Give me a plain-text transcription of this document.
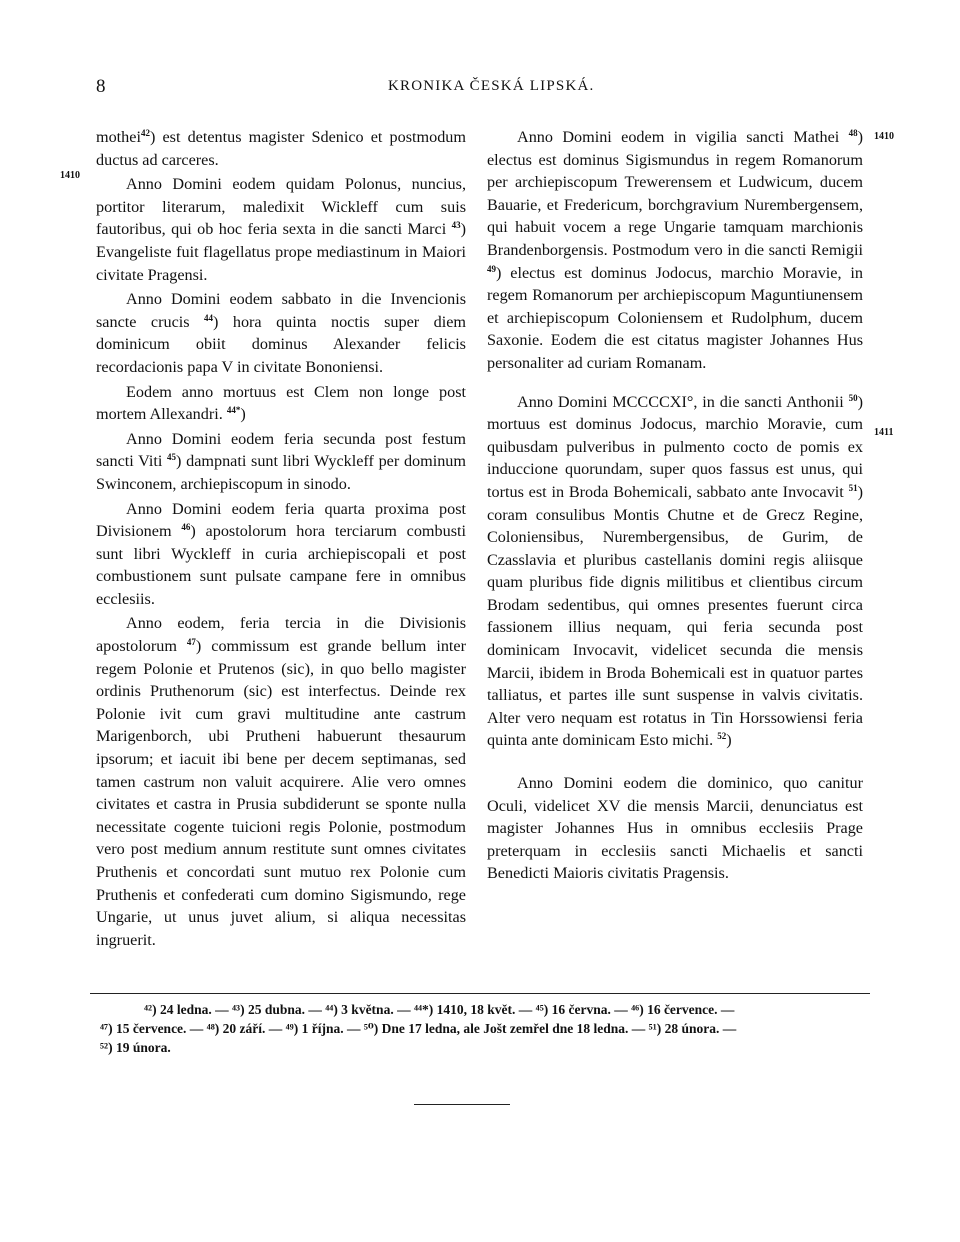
8	KRONIKA ČESKÁ LIPSKÁ.
1410
1410
1411

mothei$^{42}$) est detentus magister Sdenico et postmodum ductus ad carceres.

Anno Domini eodem quidam Polonus, nuncius, portitor literarum, maledixit Wickleff cum suis fautoribus, qui ob hoc feria sexta in die sancti Marci $^{43}$) Evangeliste fuit flagellatus prope mediastinum in Maiori civitate Pragensi.

Anno Domini eodem sabbato in die Invencionis sancte crucis $^{44}$) hora quinta noctis super diem dominicum obiit dominus Alexander felicis recordacionis papa V in civitate Bononiensi.

Eodem anno mortuus est Clem non longe post mortem Allexandri. $^{44*}$)

Anno Domini eodem feria secunda post festum sancti Viti $^{45}$) dampnati sunt libri Wyckleff per dominum Swinconem, archiepiscopum in sinodo.

Anno Domini eodem feria quarta proxima post Divisionem $^{46}$) apostolorum hora terciarum combusti sunt libri Wyckleff in curia archiepiscopali et post combustionem sunt pulsate campane fere in omnibus ecclesiis.

Anno eodem, feria tercia in die Divisionis apostolorum $^{47}$) commissum est grande bellum inter regem Polonie et Prutenos (sic), in quo bello magister ordinis Pruthenorum (sic) est interfectus. Deinde rex Polonie ivit cum gravi multitudine ante castrum Marigenborch, ubi Prutheni habuerunt thesaurum ipsorum; et iacuit ibi bene per decem septimanas, sed tamen castrum non valuit acquirere. Alie vero omnes civitates et castra in Prusia subdiderunt se sponte nulla necessitate cogente tuicioni regis Polonie, postmodum vero post medium annum restitute sunt omnes civitates Pruthenis et concordati sunt mutuo rex Polonie cum Pruthenis et confederati cum domino Sigismundo, rege Ungarie, ut unus juvet alium, si aliqua necessitas ingruerit.

Anno Domini eodem in vigilia sancti Mathei $^{48}$) electus est dominus Sigismundus in regem Romanorum per archiepiscopum Trewerensem et Ludwicum, ducem Bauarie, et Fredericum, borchgravium Nurembergensem, qui habuit vocem a rege Ungarie tamquam marchionis Brandenborgensis. Postmodum vero in die sancti Remigii $^{49}$) electus est dominus Jodocus, marchio Moravie, in regem Romanorum per archiepiscopum Maguntiunensem et archiepiscopum Coloniensem et Rudolphum, ducem Saxonie. Eodem die est citatus magister Johannes Hus personaliter ad curiam Romanam.

Anno Domini MCCCCXI°, in die sancti Anthonii $^{50}$) mortuus est dominus Jodocus, marchio Moravie, cum quibusdam pulveribus in pulmento cocto de pomis ex induccione quorundam, super quos fassus est unus, qui tortus est in Broda Bohemicali, sabbato ante Invocavit $^{51}$) coram consulibus Montis Chutne et de Grecz Regine, Coloniensibus, Nurembergensibus, de Gurim, de Czasslavia et pluribus castellanis domini regis aliisque quam pluribus fide dignis militibus et clientibus circum Brodam sedentibus, qui omnes presentes fuerunt circa fassionem illius nequam, qui feria secunda post dominicam Invocavit, videlicet secunda die mensis Marcii, ibidem in Broda Bohemicali est in quatuor partes talliatus, et partes ille sunt suspense in valvis civitatis. Alter vero nequam est rotatus in Tin Horssowiensi feria quinta ante dominicam Esto michi. $^{52}$)

Anno Domini eodem die dominico, quo canitur Oculi, videlicet XV die mensis Marcii, denunciatus est magister Johannes Hus in omnibus ecclesiis Prage preterquam in ecclesiis sancti Michaelis et sancti Benedicti Maioris civitatis Pragensis.

⁴²) 24 ledna. — ⁴³) 25 dubna. — ⁴⁴) 3 května. — ⁴⁴*) 1410, 18 květ. — ⁴⁵) 16 června. — ⁴⁶) 16 července. —
⁴⁷) 15 července. — ⁴⁸) 20 září. — ⁴⁹) 1 října. — ⁵⁰) Dne 17 ledna, ale Jošt zemřel dne 18 ledna. — ⁵¹) 28 února. —
⁵²) 19 února.
